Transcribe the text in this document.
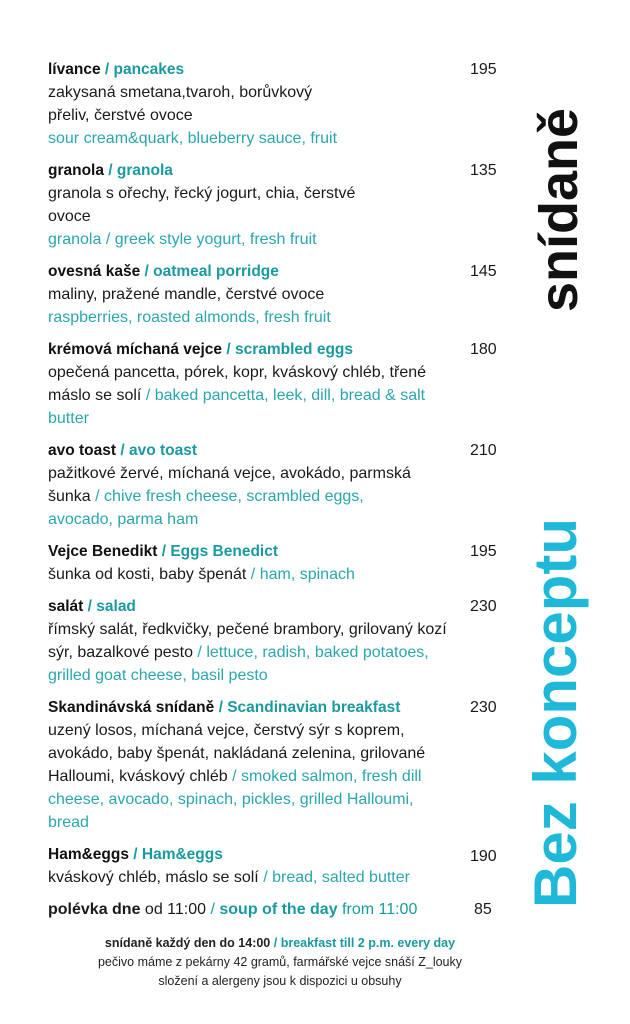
lívance / pancakes	195
zakysaná smetana,tvaroh, borůvkový přeliv, čerstvé ovoce
sour cream&quark, blueberry sauce, fruit
granola / granola	135
granola s ořechy, řecký jogurt, chia, čerstvé ovoce
granola / greek style yogurt, fresh fruit
ovesná kaše / oatmeal porridge	145
maliny, pražené mandle, čerstvé ovoce
raspberries, roasted almonds, fresh fruit
krémová míchaná vejce / scrambled eggs	180
opečená pancetta, pórek, kopr, kváskový chléb, třené máslo se solí / baked pancetta, leek, dill, bread & salt butter
avo toast / avo toast	210
pažitkové žervé, míchaná vejce, avokádo, parmská šunka / chive fresh cheese, scrambled eggs, avocado, parma ham
Vejce Benedikt / Eggs Benedict	195
šunka od kosti, baby špenát / ham, spinach
salát / salad	230
římský salát, ředkvičky, pečené brambory, grilovaný kozí sýr, bazalkové pesto / lettuce, radish, baked potatoes, grilled goat cheese, basil pesto
Skandinávská snídaně / Scandinavian breakfast	230
uzený losos, míchaná vejce, čerstvý sýr s koprem, avokádo, baby špenát, nakládaná zelenina, grilované Halloumi, kváskový chléb / smoked salmon, fresh dill cheese, avocado, spinach, pickles, grilled Halloumi, bread
Ham&eggs / Ham&eggs	190
kváskový chléb, máslo se solí / bread, salted butter
polévka dne od 11:00 / soup of the day from 11:00	85
snídaně každý den do 14:00 / breakfast till 2 p.m. every day
pečivo máme z pekárny 42 gramů, farmářské vejce snáší Z_louky
složení a alergeny jsou k dispozici u obsuhy
snídaně
Bez konceptu
